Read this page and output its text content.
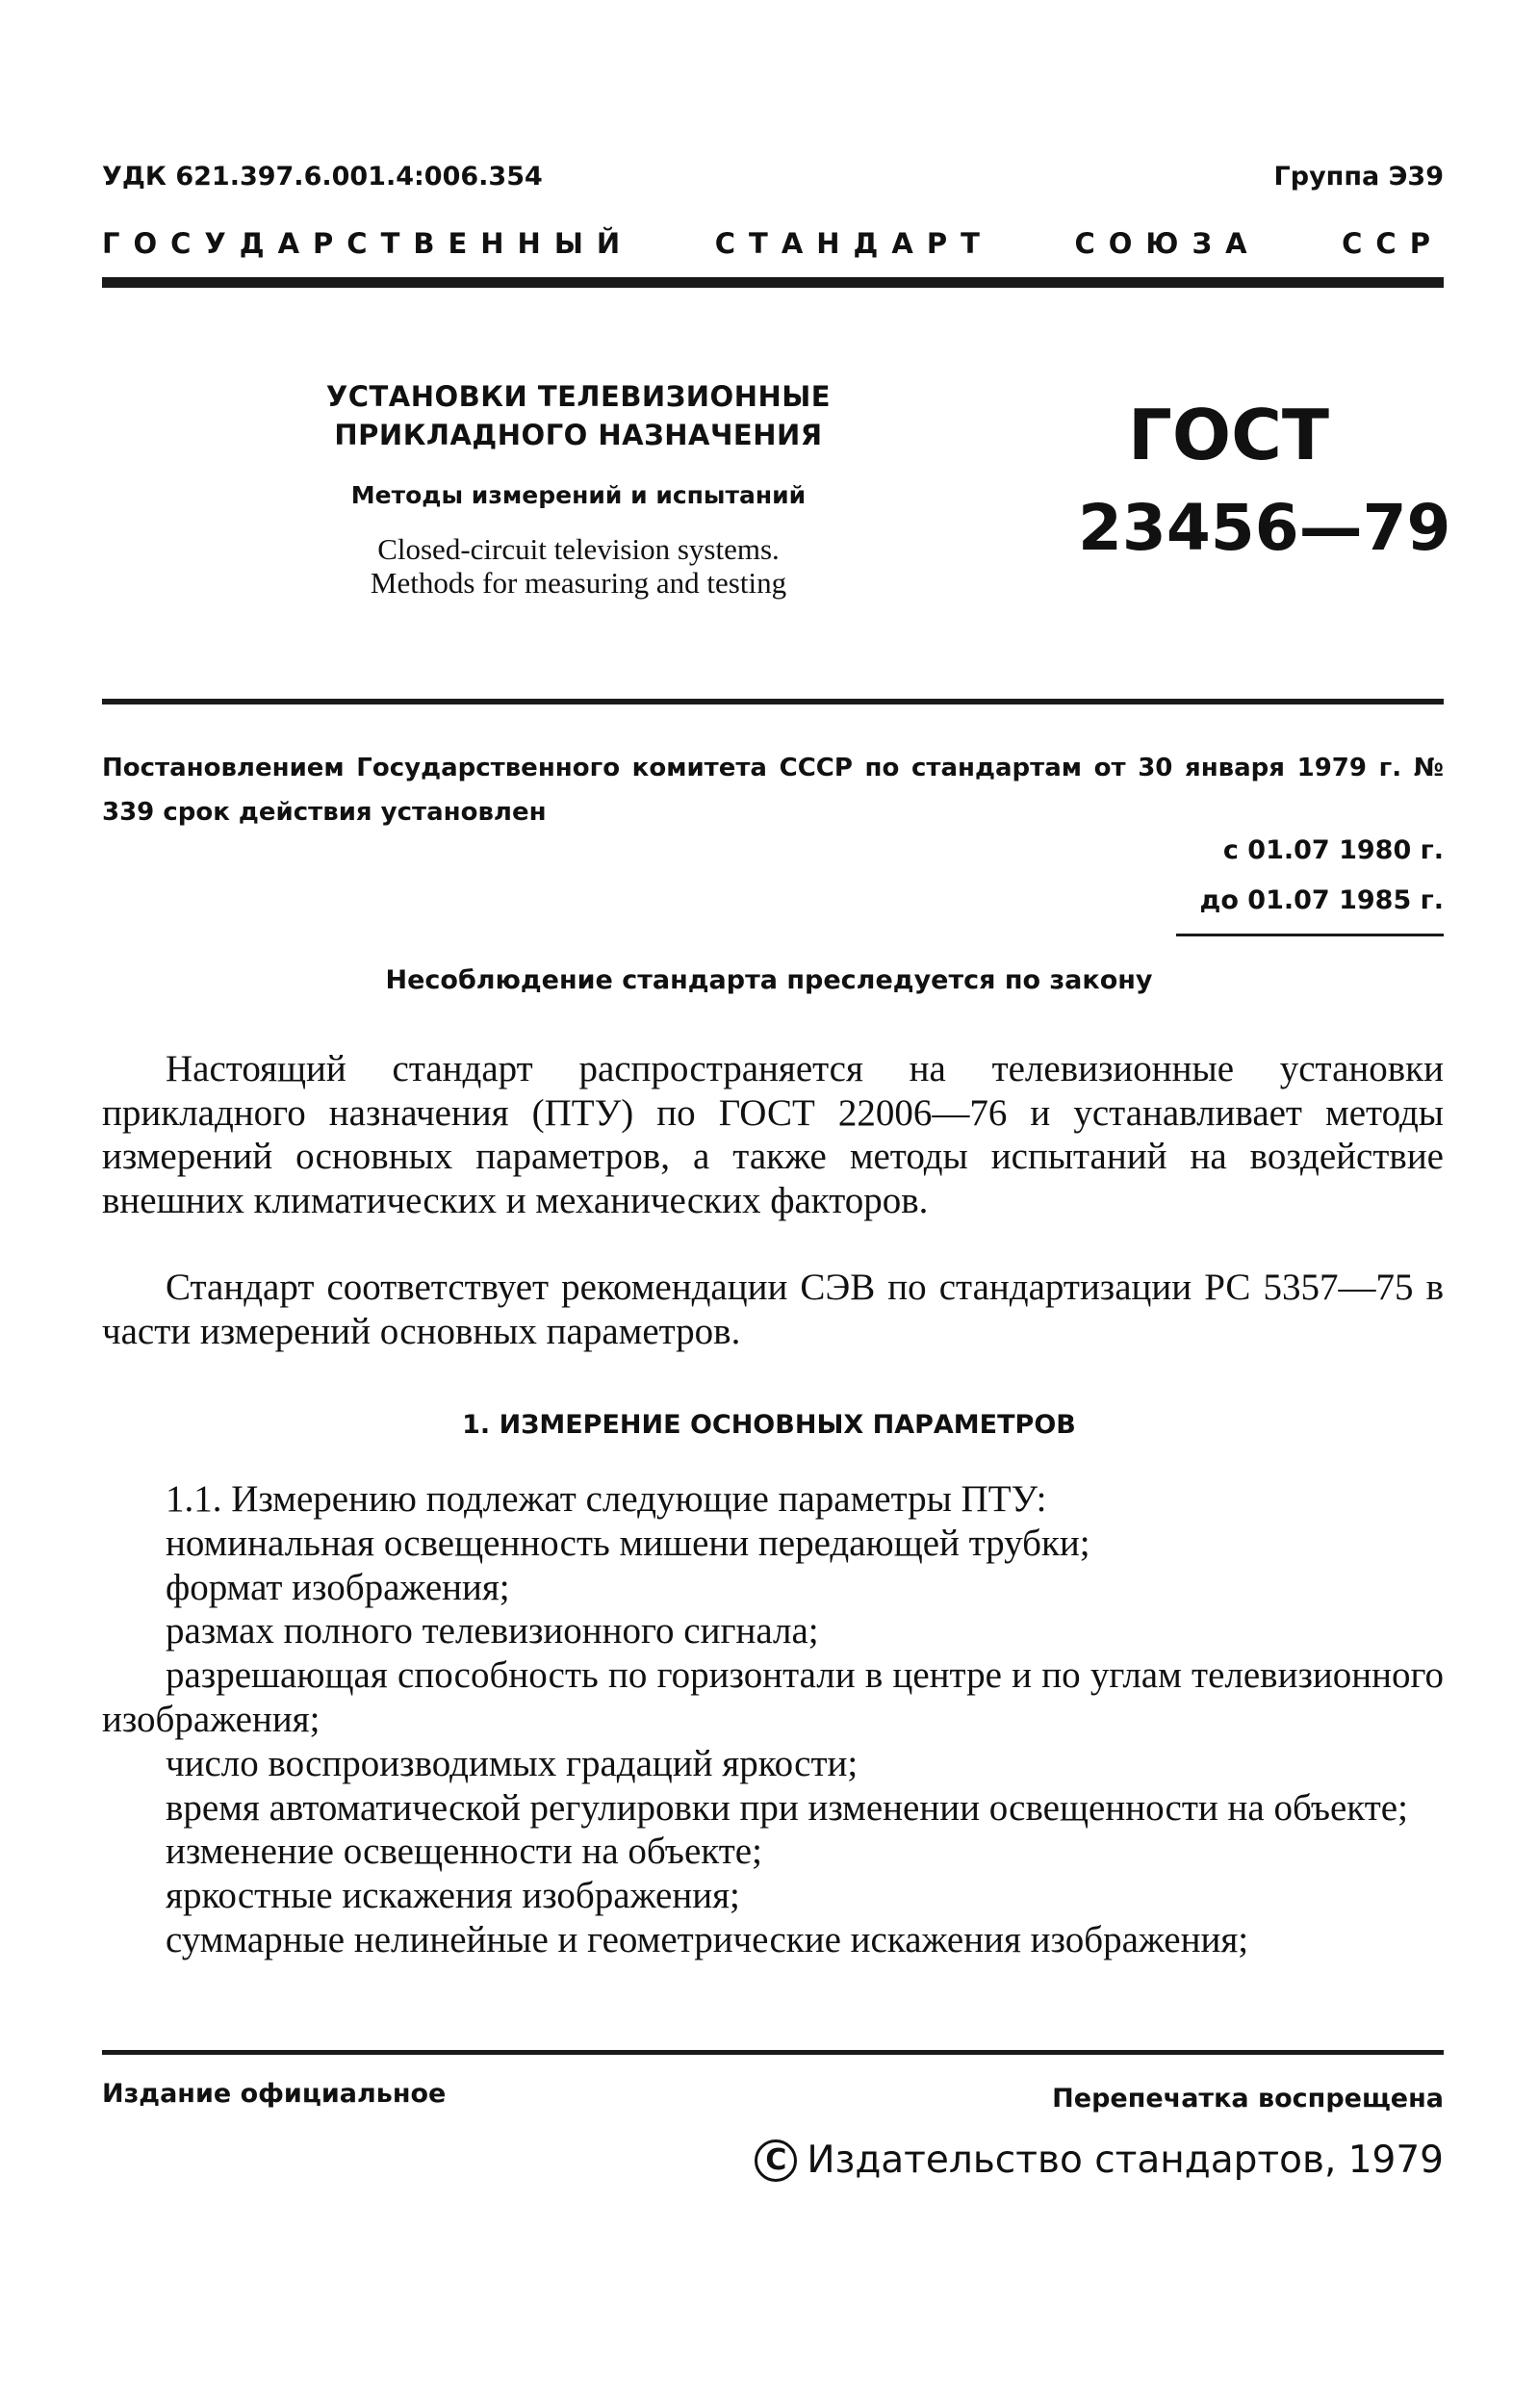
УДК 621.397.6.001.4:006.354	Группа Э39
ГОСУДАРСТВЕННЫЙ	СТАНДАРТ	СОЮЗА	ССР
УСТАНОВКИ ТЕЛЕВИЗИОННЫЕ
ПРИКЛАДНОГО НАЗНАЧЕНИЯ
Методы измерений и испытаний
Closed-circuit television systems.
Methods for measuring and testing
ГОСТ
23456—79
Постановлением Государственного комитета СССР по стандартам от 30 января 1979 г. № 339 срок действия установлен
с 01.07 1980 г.
до 01.07 1985 г.
Несоблюдение стандарта преследуется по закону
Настоящий стандарт распространяется на телевизионные установки прикладного назначения (ПТУ) по ГОСТ 22006—76 и устанавливает методы измерений основных параметров, а также методы испытаний на воздействие внешних климатических и механических факторов.
Стандарт соответствует рекомендации СЭВ по стандартизации РС 5357—75 в части измерений основных параметров.
1. ИЗМЕРЕНИЕ ОСНОВНЫХ ПАРАМЕТРОВ
1.1. Измерению подлежат следующие параметры ПТУ:
номинальная освещенность мишени передающей трубки;
формат изображения;
размах полного телевизионного сигнала;
разрешающая способность по горизонтали в центре и по углам телевизионного изображения;
число воспроизводимых градаций яркости;
время автоматической регулировки при изменении освещенности на объекте;
изменение освещенности на объекте;
яркостные искажения изображения;
суммарные нелинейные и геометрические искажения изображения;
Издание официальное	Перепечатка воспрещена
C Издательство стандартов, 1979
